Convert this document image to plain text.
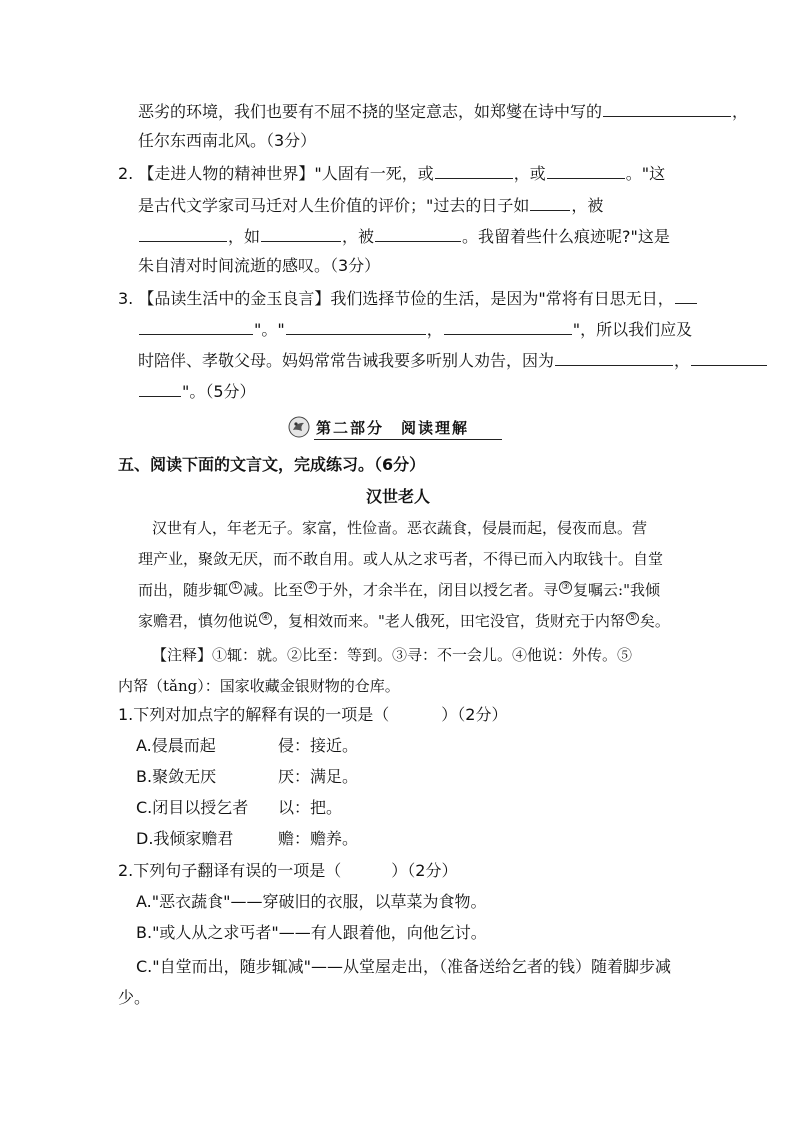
恶劣的环境，我们也要有不屈不挠的坚定意志，如郑燮在诗中写的	，
任尔东西南北风。（3分）
2. 【走进人物的精神世界】"人固有一死，或	，或	。"这
是古代文学家司马迁对人生价值的评价；"过去的日子如	，被
，如	，被	。我留着些什么痕迹呢?"这是
朱自清对时间流逝的感叹。（3分）
3. 【品读生活中的金玉良言】我们选择节俭的生活，是因为"常将有日思无日，
"。"	，	"，所以我们应及
时陪伴、孝敬父母。妈妈常常告诫我要多听别人劝告，因为	，
"。（5分）
第二部分　阅读理解
五、阅读下面的文言文，完成练习。（6分）
汉世老人
汉世有人，年老无子。家富，性俭啬。恶衣蔬食，侵晨而起，侵夜而息。营
理产业，聚敛无厌，而不敢自用。或人从之求丐者，不得已而入内取钱十。自堂
而出，随步辄 ① 减。比至 ② 于外，才余半在，闭目以授乞者。寻 ③ 复嘱云:"我倾
家赡君，慎勿他说 ④ ，复相效而来。"老人俄死，田宅没官，货财充于内帑 ⑤ 矣。
【注释】①辄：就。②比至：等到。③寻：不一会儿。④他说：外传。⑤
内帑（tǎng）：国家收藏金银财物的仓库。
1.下列对加点字的解释有误的一项是（	）（2分）
A.侵晨而起	侵：接近。
B.聚敛无厌	厌：满足。
C.闭目以授乞者 以：把。
D.我倾家赡君	赡：赡养。
2.下列句子翻译有误的一项是（	）（2分）
A."恶衣蔬食"——穿破旧的衣服，以草菜为食物。
B."或人从之求丐者"——有人跟着他，向他乞讨。
C."自堂而出，随步辄减"——从堂屋走出，（准备送给乞者的钱）随着脚步减
少。
